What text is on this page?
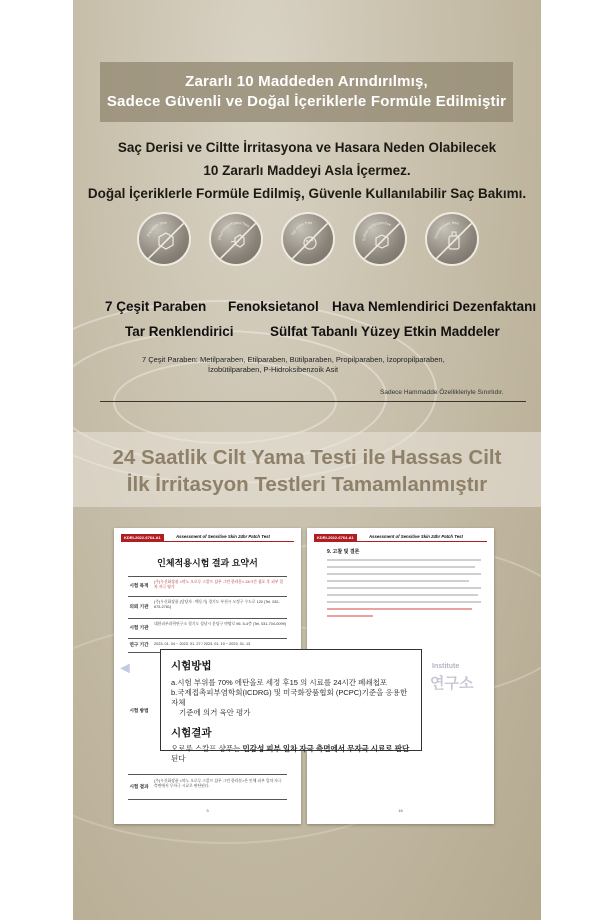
Zararlı 10 Maddeden Arındırılmış,
Sadece Güvenli ve Doğal İçeriklerle Formüle Edilmiştir
Saç Derisi ve Ciltte İrritasyona ve Hasara Neden Olabilecek
10 Zararlı Maddeyi Asla İçermez.
Doğal İçeriklerle Formüle Edilmiş, Güvenle Kullanılabilir Saç Bakımı.
Paraben free
Phenoxyethanol free
Tar color free
Sulfate surfactant free
Disinfectant free
7 Çeşit Paraben Fenoksietanol Hava Nemlendirici Dezenfaktanı
Tar Renklendirici	Sülfat Tabanlı Yüzey Etkin Maddeler
7 Çeşit Paraben: Metilparaben, Etilparaben, Bütilparaben, Propilparaben, İzopropilparaben,
İzobütilparaben, P-Hidroksibenzoik Asit
Sadece Hammadde Özellikleriyle Sınırlıdır.
24 Saatlik Cilt Yama Testi ile Hassas Cilt
İlk İrritasyon Testleri Tamamlanmıştır
KDRI-2022-6764-A1	Assessment of Sensitive Skin 24hr Patch Test
인체적용시험 결과 요약서
시험 목적
(주)우신화장품 <약노 오로루 스칼프 샴푸 그린 한라분> 24시간 첩포 후 피부 일차 자극 평가
의뢰 기관
(주)우신화장품 (담당자 : 백동기) 경기도 부천시 오정구 수도로 120 (Tel. 032-675-2761)
시험 기관
대한피부과학연구소 경기도 성남시 분당구 야탑로 96, 5-4층 (Tel. 031-704-0099)
연구 기간	2023. 01. 04 ~ 2023. 01. 27 / 2023. 01. 10 ~ 2023. 01. 13
시험 방법
시험 결과
(주)우신화장품 <약노 오로루 스칼프 샴푸 그린 한라분>은 인체 피부 일차 자극 측면에서 무자극 시료로 판단된다.
3
KDRI-2022-6764-A1	Assessment of Sensitive Skin 24hr Patch Test
9. 고찰 및 결론
16
◄	Institute
연구소
시험방법
a.시험 부위를 70% 에탄올로 세정 후15 의 시료를 24시간 폐쇄첩포
b.국제접촉피부염학회(ICDRG) 및 미국화장품협회 (PCPC)기준을 응용한 자체
기준에 의거 육안 평가
시험결과
오로루 스칼프 샴푸는 민감성 피부 일차 자극 측면에서 무자극 시료로 판단된다
